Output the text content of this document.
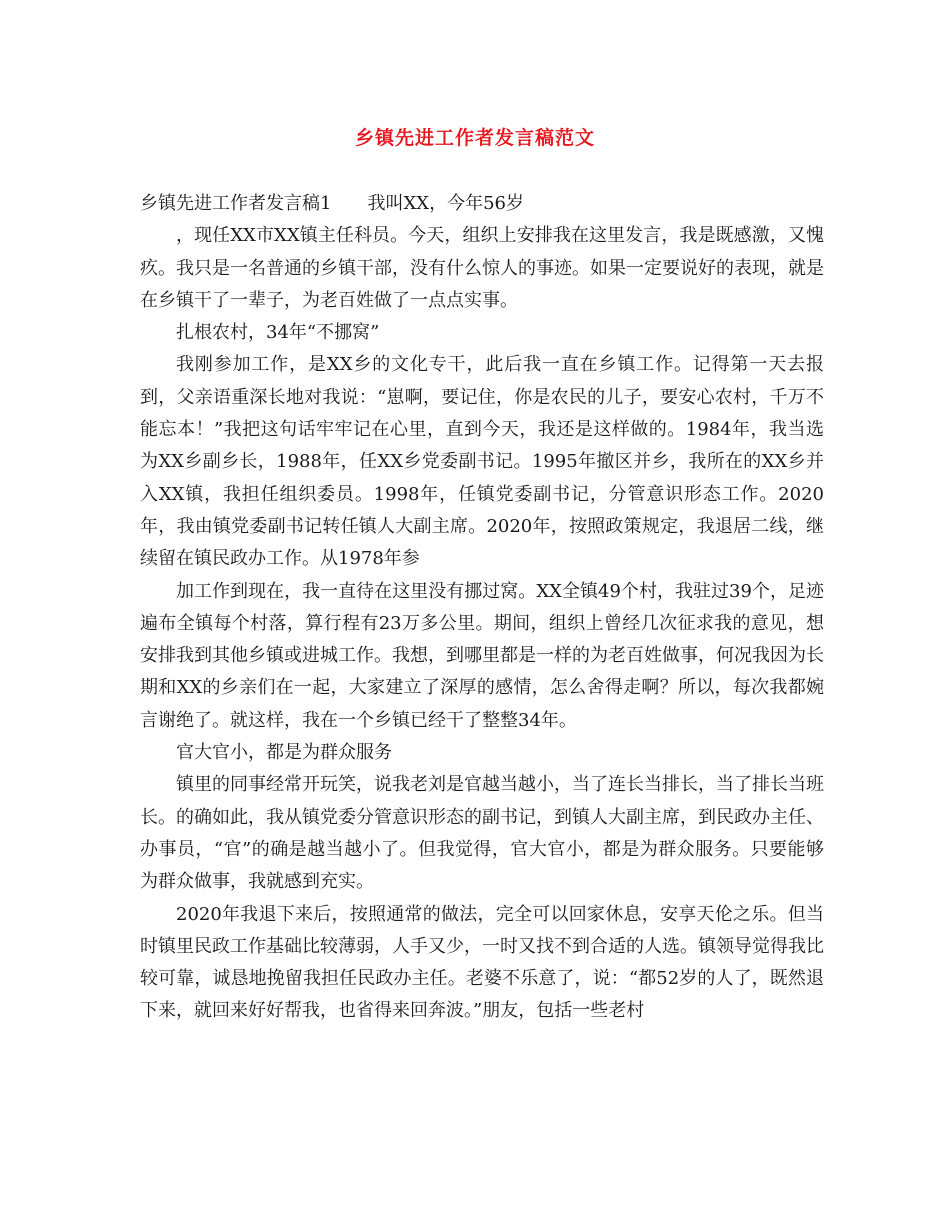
乡镇先进工作者发言稿范文

乡镇先进工作者发言稿1 我叫XX，今年56岁

，现任XX市XX镇主任科员。今天，组织上安排我在这里发言，我是既感激，又愧疚。我只是一名普通的乡镇干部，没有什么惊人的事迹。如果一定要说好的表现，就是在乡镇干了一辈子，为老百姓做了一点点实事。

扎根农村，34年“不挪窝”

我刚参加工作，是XX乡的文化专干，此后我一直在乡镇工作。记得第一天去报到，父亲语重深长地对我说：“崽啊，要记住，你是农民的儿子，要安心农村，千万不能忘本！”我把这句话牢牢记在心里，直到今天，我还是这样做的。1984年，我当选为XX乡副乡长，1988年，任XX乡党委副书记。1995年撤区并乡，我所在的XX乡并入XX镇，我担任组织委员。1998年，任镇党委副书记，分管意识形态工作。2020年，我由镇党委副书记转任镇人大副主席。2020年，按照政策规定，我退居二线，继续留在镇民政办工作。从1978年参

加工作到现在，我一直待在这里没有挪过窝。XX全镇49个村，我驻过39个，足迹遍布全镇每个村落，算行程有23万多公里。期间，组织上曾经几次征求我的意见，想安排我到其他乡镇或进城工作。我想，到哪里都是一样的为老百姓做事，何况我因为长期和XX的乡亲们在一起，大家建立了深厚的感情，怎么舍得走啊？所以，每次我都婉言谢绝了。就这样，我在一个乡镇已经干了整整34年。

官大官小，都是为群众服务

镇里的同事经常开玩笑，说我老刘是官越当越小，当了连长当排长，当了排长当班长。的确如此，我从镇党委分管意识形态的副书记，到镇人大副主席，到民政办主任、办事员，“官”的确是越当越小了。但我觉得，官大官小，都是为群众服务。只要能够为群众做事，我就感到充实。

2020年我退下来后，按照通常的做法，完全可以回家休息，安享天伦之乐。但当时镇里民政工作基础比较薄弱，人手又少，一时又找不到合适的人选。镇领导觉得我比较可靠，诚恳地挽留我担任民政办主任。老婆不乐意了，说：“都52岁的人了，既然退下来，就回来好好帮我，也省得来回奔波。”朋友，包括一些老村
